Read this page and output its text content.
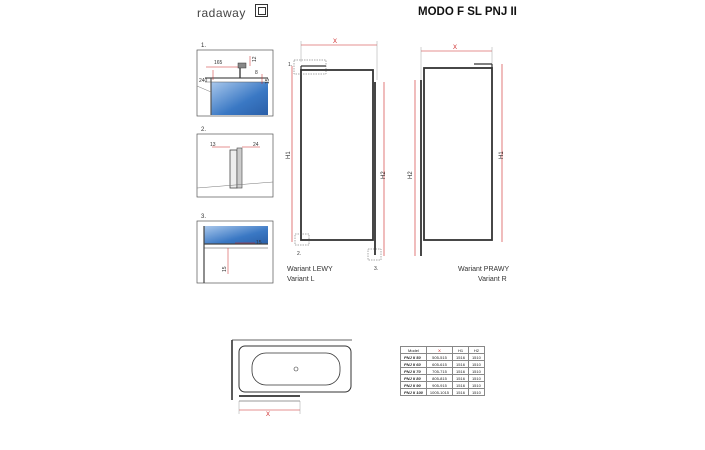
radaway	MODO F SL PNJ II
1.
165
12
240
8
15
2.
13	24
3.
15
15
X
1.
2.
3.
H1
H2
Wariant LEWY
Variant L
X
H2
H1
Wariant PRAWY
Variant R
X
Model	X	H1	H2
PNJ II 50	505-515	1516	1510
PNJ II 60	605-615	1516	1510
PNJ II 70	705-715	1516	1510
PNJ II 80	805-815	1516	1510
PNJ II 90	905-915	1516	1510
PNJ II 100	1005-1015	1516	1510
